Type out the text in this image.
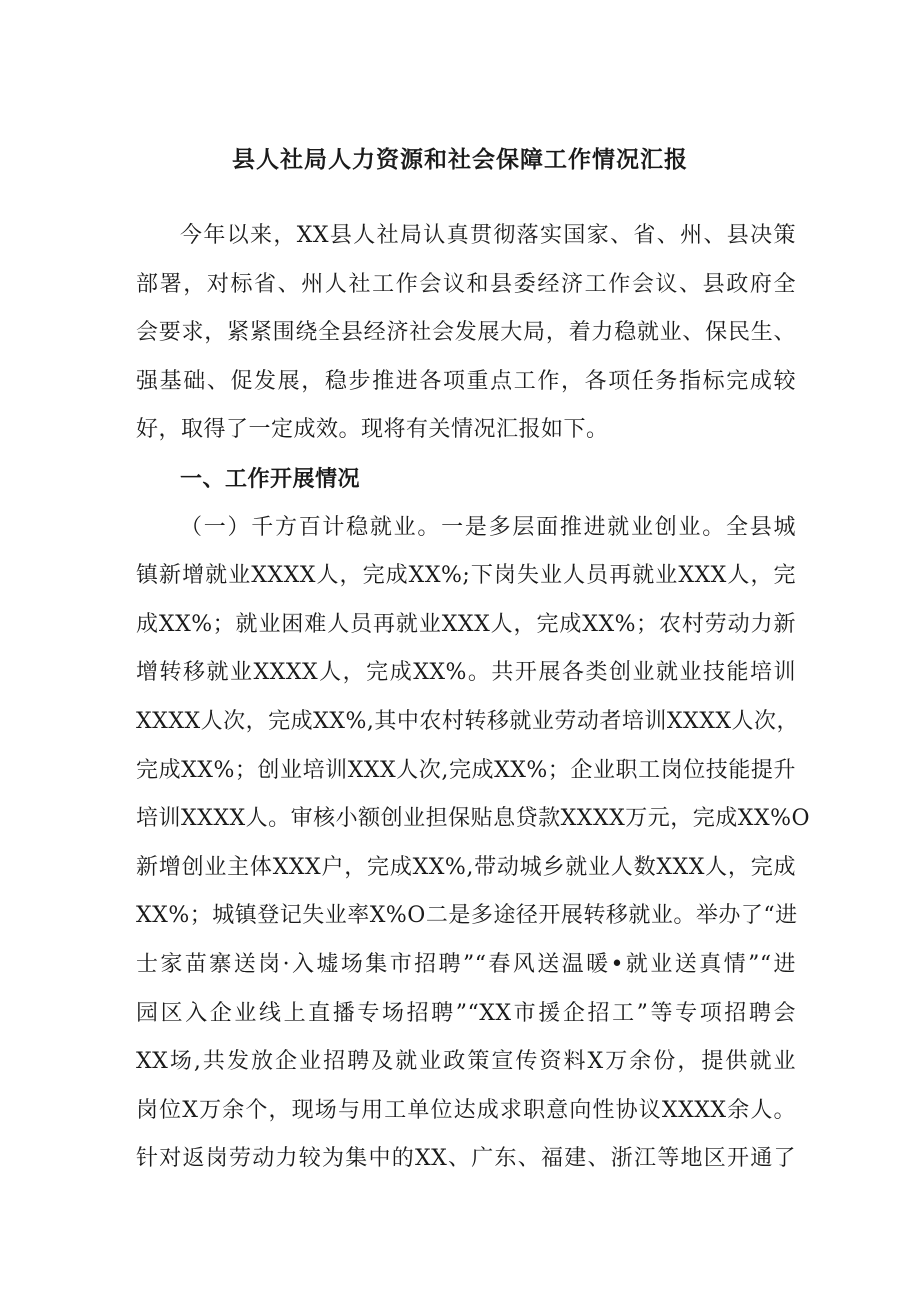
县人社局人力资源和社会保障工作情况汇报
今年以来，XX县人社局认真贯彻落实国家、省、州、县决策
部署，对标省、州人社工作会议和县委经济工作会议、县政府全
会要求，紧紧围绕全县经济社会发展大局，着力稳就业、保民生、
强基础、促发展，稳步推进各项重点工作，各项任务指标完成较
好，取得了一定成效。现将有关情况汇报如下。
一、工作开展情况
（一）千方百计稳就业。一是多层面推进就业创业。全县城
镇新增就业XXXX人，完成XX%;下岗失业人员再就业XXX人，完
成XX%；就业困难人员再就业XXX人，完成XX%；农村劳动力新
增转移就业XXXX人，完成XX%。共开展各类创业就业技能培训
XXXX人次，完成XX%,其中农村转移就业劳动者培训XXXX人次，
完成XX%；创业培训XXX人次,完成XX%；企业职工岗位技能提升
培训XXXX人。审核小额创业担保贴息贷款XXXX万元，完成XX%O
新增创业主体XXX户，完成XX%,带动城乡就业人数XXX人，完成
XX%；城镇登记失业率X%O二是多途径开展转移就业。举办了“进
士家苗寨送岗·入墟场集市招聘”“春风送温暖•就业送真情”“进
园区入企业线上直播专场招聘”“XX市援企招工”等专项招聘会
XX场,共发放企业招聘及就业政策宣传资料X万余份，提供就业
岗位X万余个，现场与用工单位达成求职意向性协议XXXX余人。
针对返岗劳动力较为集中的XX、广东、福建、浙江等地区开通了
